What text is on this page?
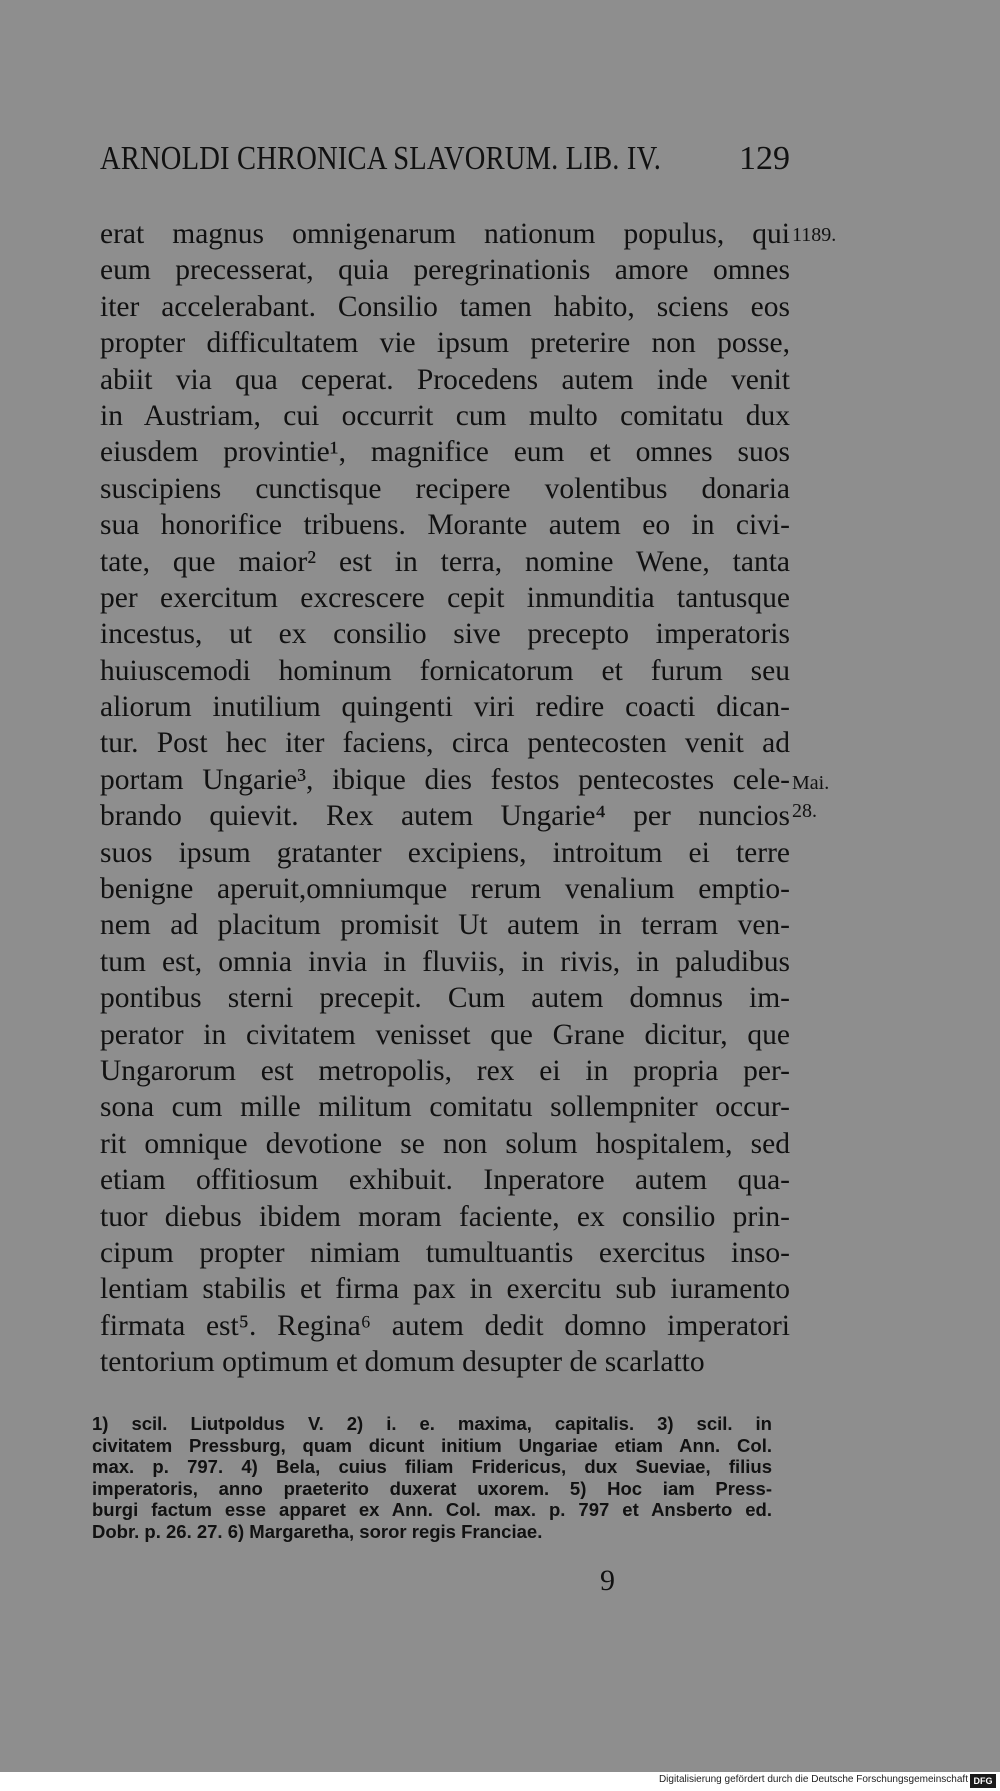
ARNOLDI CHRONICA SLAVORUM. LIB. IV. 129
erat magnus omnigenarum nationum populus, qui
eum precesserat, quia peregrinationis amore omnes
iter accelerabant. Consilio tamen habito, sciens eos
propter difficultatem vie ipsum preterire non posse,
abiit via qua ceperat. Procedens autem inde venit
in Austriam, cui occurrit cum multo comitatu dux
eiusdem provintie¹, magnifice eum et omnes suos
suscipiens cunctisque recipere volentibus donaria
sua honorifice tribuens. Morante autem eo in civi-
tate, que maior² est in terra, nomine Wene, tanta
per exercitum excrescere cepit inmunditia tantusque
incestus, ut ex consilio sive precepto imperatoris
huiuscemodi hominum fornicatorum et furum seu
aliorum inutilium quingenti viri redire coacti dican-
tur. Post hec iter faciens, circa pentecosten venit ad
portam Ungarie³, ibique dies festos pentecostes cele-
brando quievit. Rex autem Ungarie⁴ per nuncios
suos ipsum gratanter excipiens, introitum ei terre
benigne aperuit,omniumque rerum venalium emptio-
nem ad placitum promisit Ut autem in terram ven-
tum est, omnia invia in fluviis, in rivis, in paludibus
pontibus sterni precepit. Cum autem domnus im-
perator in civitatem venisset que Grane dicitur, que
Ungarorum est metropolis, rex ei in propria per-
sona cum mille militum comitatu sollempniter occur-
rit omnique devotione se non solum hospitalem, sed
etiam offitiosum exhibuit. Inperatore autem qua-
tuor diebus ibidem moram faciente, ex consilio prin-
cipum propter nimiam tumultuantis exercitus inso-
lentiam stabilis et firma pax in exercitu sub iuramento
firmata est⁵. Regina⁶ autem dedit domno imperatori
tentorium optimum et domum desupter de scarlatto
1189.
Mai.
28.
1) scil. Liutpoldus V. 2) i. e. maxima, capitalis. 3) scil. in
civitatem Pressburg, quam dicunt initium Ungariae etiam Ann. Col.
max. p. 797. 4) Bela, cuius filiam Fridericus, dux Sueviae, filius
imperatoris, anno praeterito duxerat uxorem. 5) Hoc iam Press-
burgi factum esse apparet ex Ann. Col. max. p. 797 et Ansberto ed.
Dobr. p. 26. 27. 6) Margaretha, soror regis Franciae.
9
Digitalisierung gefördert durch die Deutsche Forschungsgemeinschaft DFG
